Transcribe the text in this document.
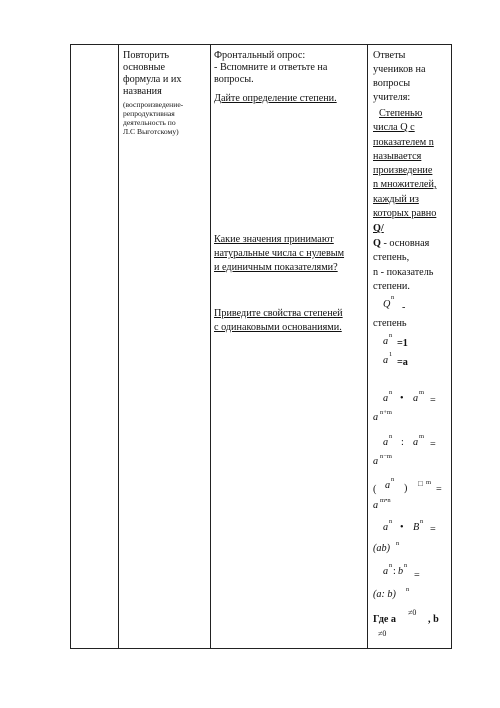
Повторить
основные
формула и их
названия
(воспроизведение-
репродуктивная
деятельность по
Л.С Выготскому)
Фронтальный опрос:
- Вспомните и ответьте на
вопросы.
Дайте определение степени.
Какие значения принимают
натуральные числа с нулевым
и единичным показателями?
Приведите свойства степеней
с одинаковыми основаниями.
Ответы
учеников на
вопросы
учителя:
Степенью
числа Q с
показателем n
называется
произведение
n множителей,
каждый из
которых равно
Q/
Q - основная
степень,
n - показатель
степени.
Q
n
-
степень
a
n
=1
a
1
=a
a
n
• a
m
=
a n+m
a
n
: a
m
=
a n−m
( a
n
) □ m
=
a m•n
a
n
• B
n
=
(ab) n
a
n
: b
n
=
(a: b) n
Где a
≠0
, b
≠0
